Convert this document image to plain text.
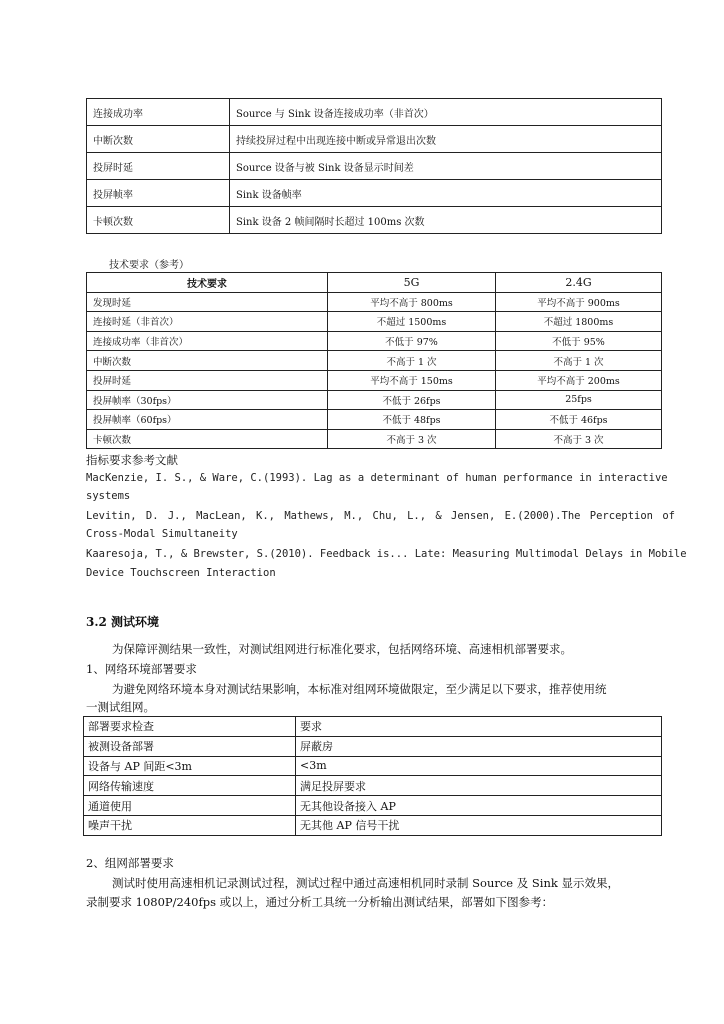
连接成功率	Source 与 Sink 设备连接成功率（非首次）
中断次数	持续投屏过程中出现连接中断或异常退出次数
投屏时延	Source 设备与被 Sink 设备显示时间差
投屏帧率	Sink 设备帧率
卡顿次数	Sink 设备 2 帧间隔时长超过 100ms 次数
技术要求（参考）
技术要求	5G	2.4G
发现时延	平均不高于 800ms	平均不高于 900ms
连接时延（非首次）	不超过 1500ms	不超过 1800ms
连接成功率（非首次）	不低于 97%	不低于 95%
中断次数	不高于 1 次	不高于 1 次
投屏时延	平均不高于 150ms	平均不高于 200ms
投屏帧率（30fps）	不低于 26fps	25fps
投屏帧率（60fps）	不低于 48fps	不低于 46fps
卡顿次数	不高于 3 次	不高于 3 次
指标要求参考文献
MacKenzie, I. S., & Ware, C.(1993). Lag as a determinant of human performance in interactive
systems
Levitin, D. J., MacLean, K., Mathews, M., Chu, L., & Jensen, E.(2000).The Perception of
Cross-Modal Simultaneity
Kaaresoja, T., & Brewster, S.(2010). Feedback is... Late: Measuring Multimodal Delays in Mobile
Device Touchscreen Interaction
3.2 测试环境
为保障评测结果一致性，对测试组网进行标准化要求，包括网络环境、高速相机部署要求。
1、网络环境部署要求
为避免网络环境本身对测试结果影响，本标准对组网环境做限定，至少满足以下要求，推荐使用统
一测试组网。
部署要求检查	要求
被测设备部署	屏蔽房
设备与 AP 间距<3m	<3m
网络传输速度	满足投屏要求
通道使用	无其他设备接入 AP
噪声干扰	无其他 AP 信号干扰
2、组网部署要求
测试时使用高速相机记录测试过程，测试过程中通过高速相机同时录制 Source 及 Sink 显示效果，
录制要求 1080P/240fps 或以上，通过分析工具统一分析输出测试结果，部署如下图参考：
